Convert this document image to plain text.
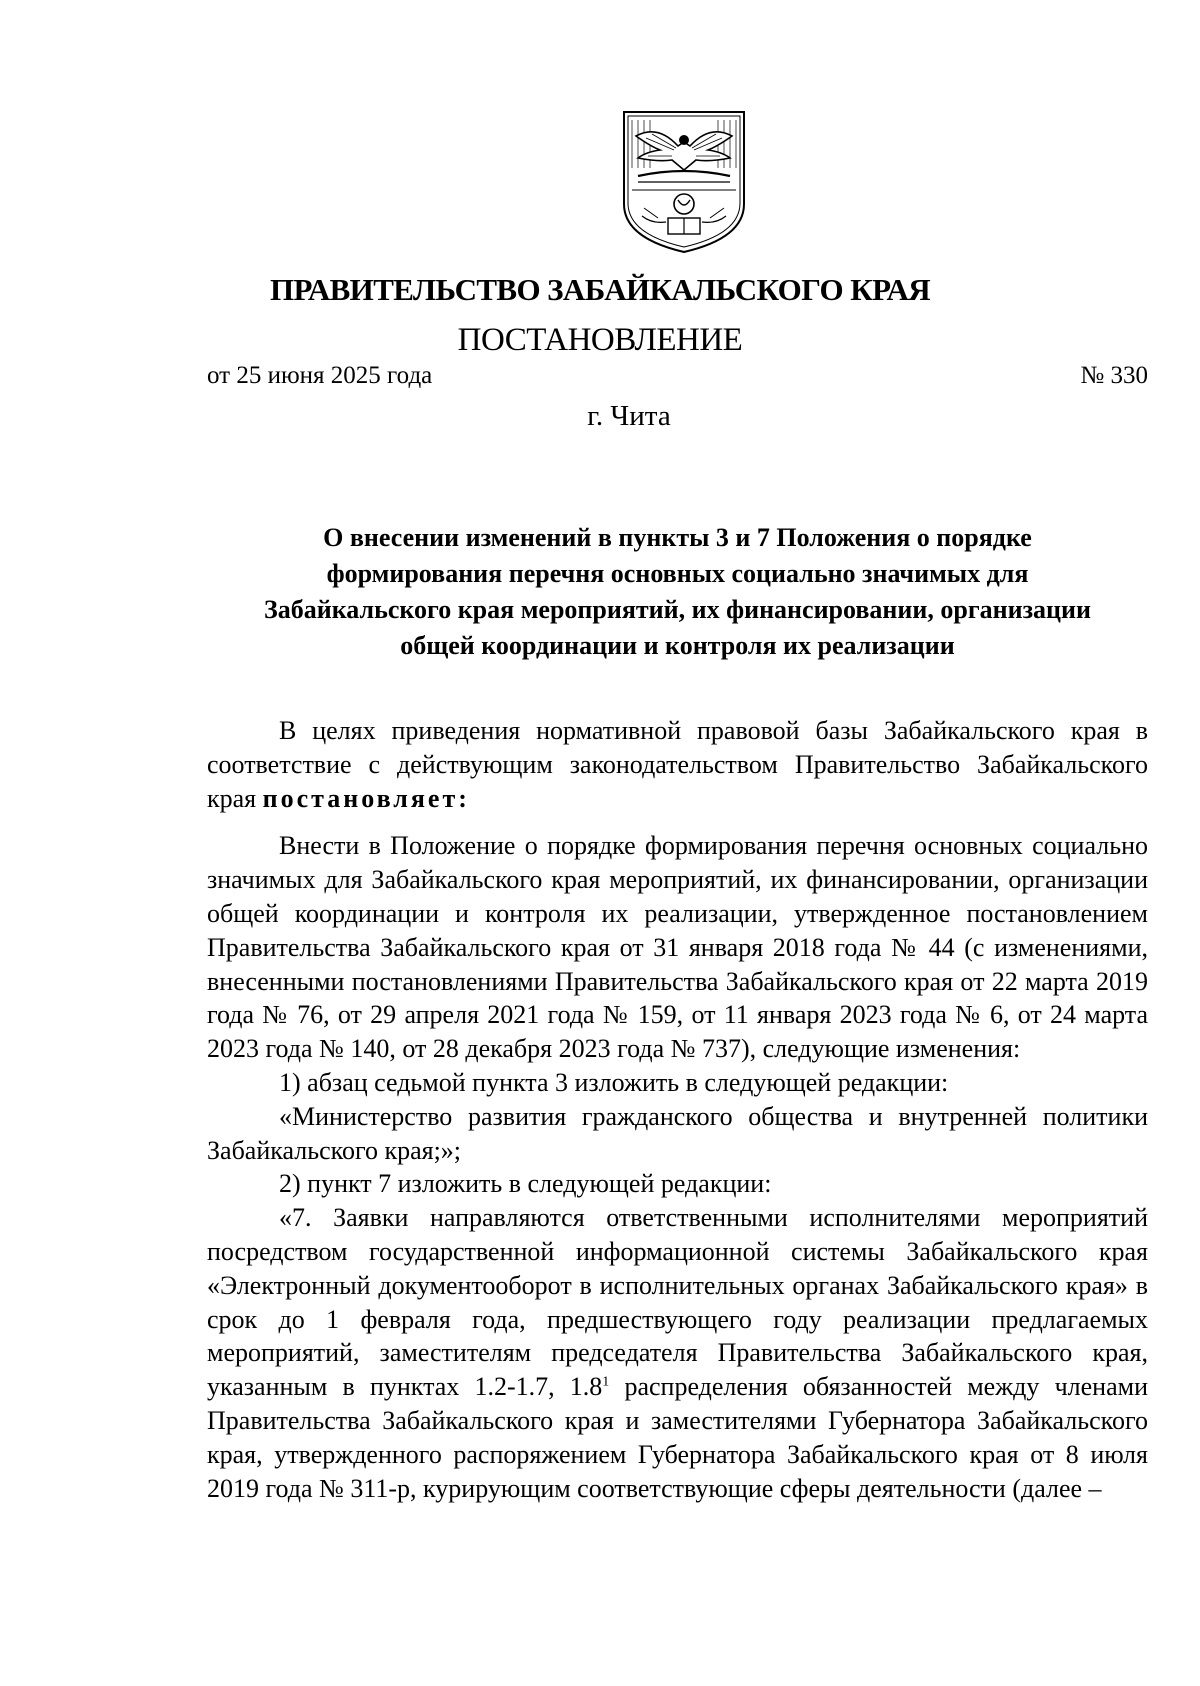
ПРАВИТЕЛЬСТВО ЗАБАЙКАЛЬСКОГО КРАЯ
ПОСТАНОВЛЕНИЕ
от 25 июня 2025 года	№ 330
г. Чита
О внесении изменений в пункты 3 и 7 Положения о порядке
формирования перечня основных социально значимых для
Забайкальского края мероприятий, их финансировании, организации
общей координации и контроля их реализации

В целях приведения нормативной правовой базы Забайкальского края в соответствие с действующим законодательством Правительство Забайкальского края постановляет:

Внести в Положение о порядке формирования перечня основных социально значимых для Забайкальского края мероприятий, их финансировании, организации общей координации и контроля их реализации, утвержденное постановлением Правительства Забайкальского края от 31 января 2018 года № 44 (с изменениями, внесенными постановлениями Правительства Забайкальского края от 22 марта 2019 года № 76, от 29 апреля 2021 года № 159, от 11 января 2023 года № 6, от 24 марта 2023 года № 140, от 28 декабря 2023 года № 737), следующие изменения:

1) абзац седьмой пункта 3 изложить в следующей редакции:

«Министерство развития гражданского общества и внутренней политики Забайкальского края;»;

2) пункт 7 изложить в следующей редакции:

«7. Заявки направляются ответственными исполнителями мероприятий посредством государственной информационной системы Забайкальского края «Электронный документооборот в исполнительных органах Забайкальского края» в срок до 1 февраля года, предшествующего году реализации предлагаемых мероприятий, заместителям председателя Правительства Забайкальского края, указанным в пунктах 1.2-1.7, $1.8^1$ распределения обязанностей между членами Правительства Забайкальского края и заместителями Губернатора Забайкальского края, утвержденного распоряжением Губернатора Забайкальского края от 8 июля 2019 года № 311-р, курирующим соответствующие сферы деятельности (далее –
